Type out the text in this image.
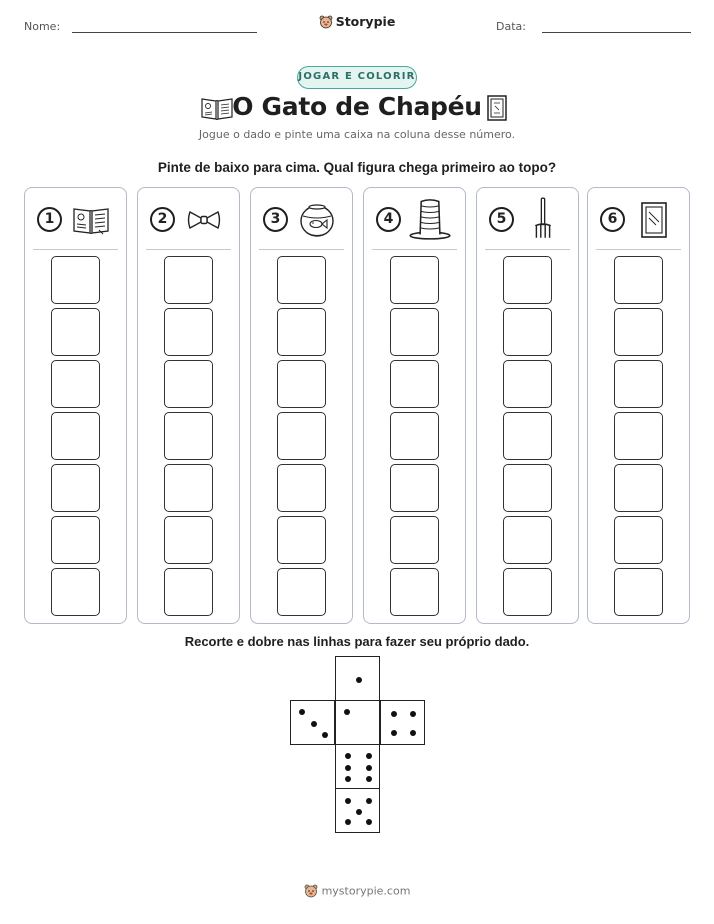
Nome:	Storypie	Data:
JOGAR E COLORIR
O Gato de Chapéu
Jogue o dado e pinte uma caixa na coluna desse número.
Pinte de baixo para cima. Qual figura chega primeiro ao topo?
1	2	3	4	5	6
Recorte e dobre nas linhas para fazer seu próprio dado.
mystorypie.com
